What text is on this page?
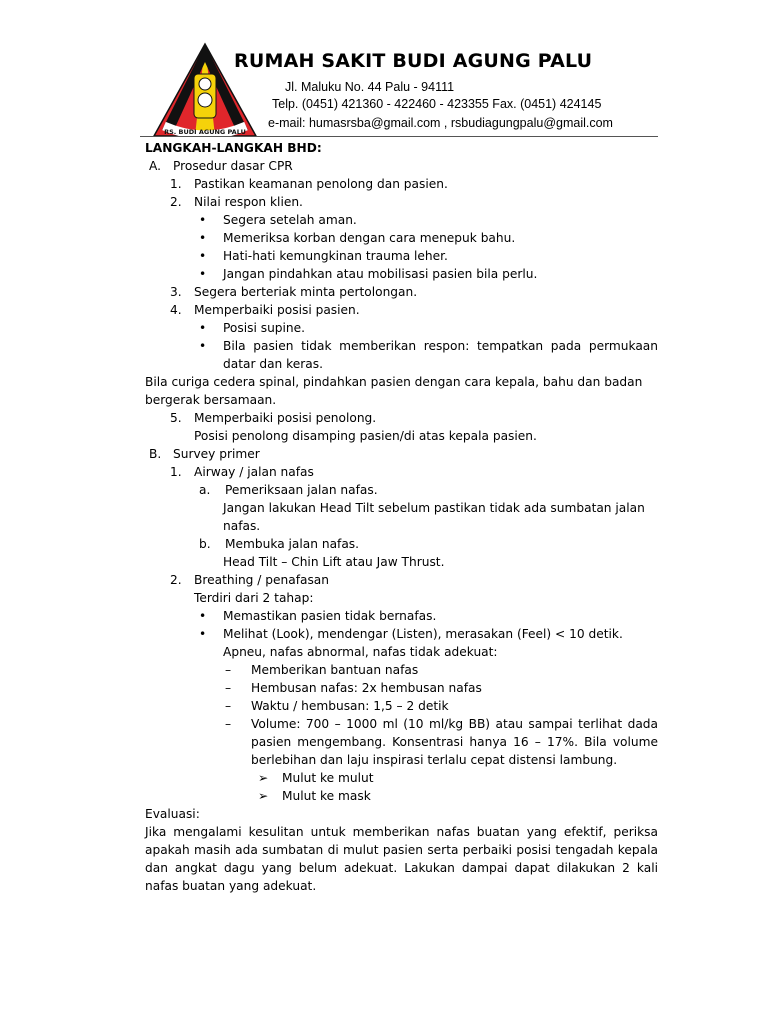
RS. BUDI AGUNG PALU
RUMAH SAKIT BUDI AGUNG PALU
Jl. Maluku No. 44 Palu - 94111
Telp. (0451) 421360 - 422460 - 423355 Fax. (0451) 424145
e-mail: humasrsba@gmail.com , rsbudiagungpalu@gmail.com

LANGKAH-LANGKAH BHD:

A. Prosedur dasar CPR
1.	Pastikan keamanan penolong dan pasien.
2.	Nilai respon klien.
•	Segera setelah aman.
•	Memeriksa korban dengan cara menepuk bahu.
•	Hati-hati kemungkinan trauma leher.
•	Jangan pindahkan atau mobilisasi pasien bila perlu.
3.	Segera berteriak minta pertolongan.
4.	Memperbaiki posisi pasien.
•	Posisi supine.
•	Bila pasien tidak memberikan respon: tempatkan pada permukaan datar dan keras.

Bila curiga cedera spinal, pindahkan pasien dengan cara kepala, bahu dan badan bergerak bersamaan.

5.	Memperbaiki posisi penolong.

Posisi penolong disamping pasien/di atas kepala pasien.

B. Survey primer
1.	Airway / jalan nafas
a.	Pemeriksaan jalan nafas.

Jangan lakukan Head Tilt sebelum pastikan tidak ada sumbatan jalan nafas.

b.	Membuka jalan nafas.

Head Tilt – Chin Lift atau Jaw Thrust.

2.	Breathing / penafasan

Terdiri dari 2 tahap:

•	Memastikan pasien tidak bernafas.
•	Melihat (Look), mendengar (Listen), merasakan (Feel) < 10 detik.

Apneu, nafas abnormal, nafas tidak adekuat:

–	Memberikan bantuan nafas
–	Hembusan nafas: 2x hembusan nafas
–	Waktu / hembusan: 1,5 – 2 detik
–	Volume: 700 – 1000 ml (10 ml/kg BB) atau sampai terlihat dada pasien mengembang. Konsentrasi hanya 16 – 17%. Bila volume berlebihan dan laju inspirasi terlalu cepat distensi lambung.
➢	Mulut ke mulut
➢	Mulut ke mask

Evaluasi:

Jika mengalami kesulitan untuk memberikan nafas buatan yang efektif, periksa apakah masih ada sumbatan di mulut pasien serta perbaiki posisi tengadah kepala dan angkat dagu yang belum adekuat. Lakukan dampai dapat dilakukan 2 kali nafas buatan yang adekuat.
